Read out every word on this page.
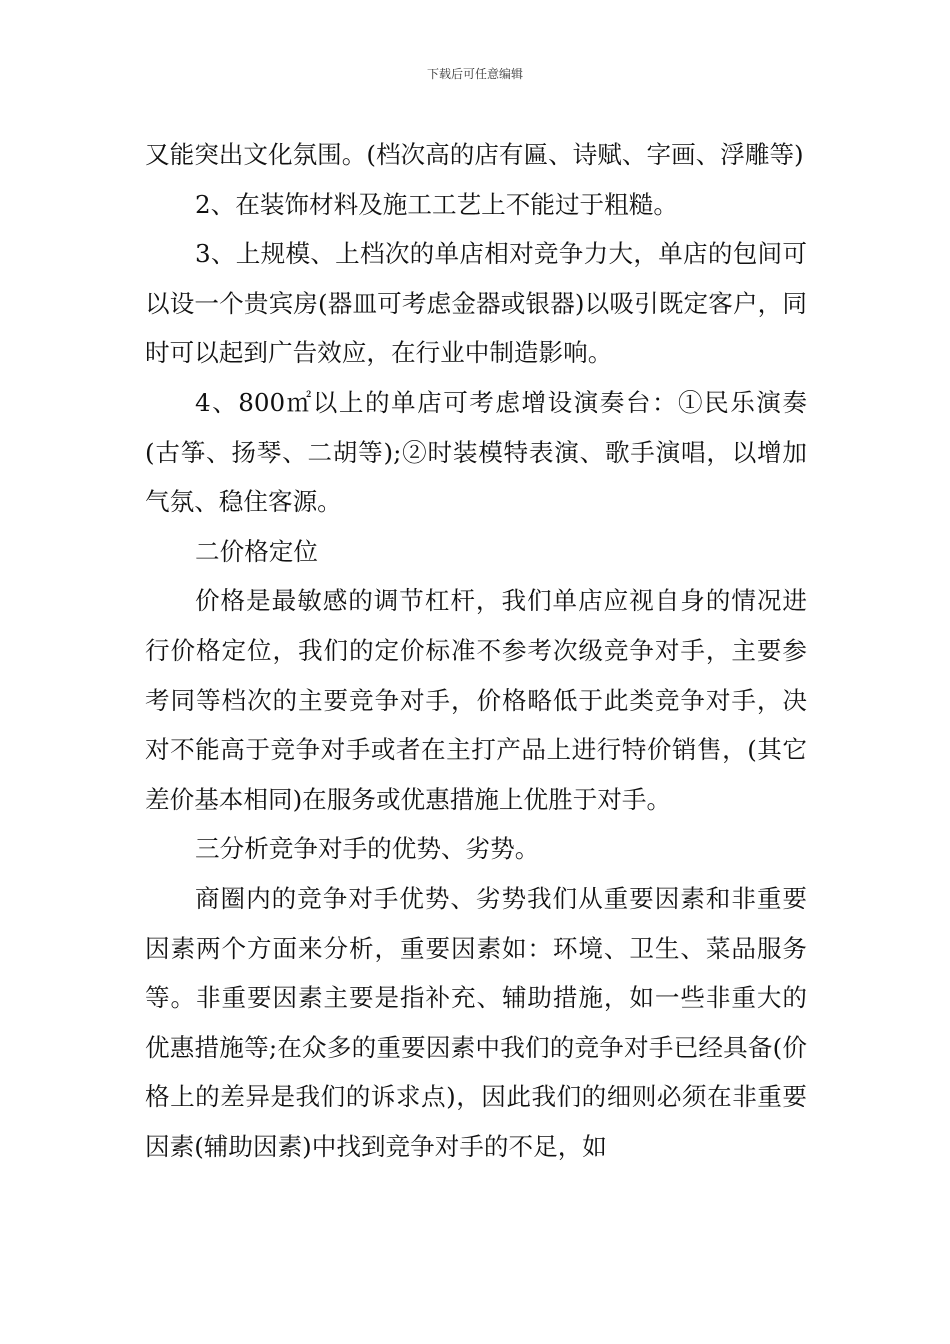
下载后可任意编辑

又能突出文化氛围。(档次高的店有匾、诗赋、字画、浮雕等)

2、在装饰材料及施工工艺上不能过于粗糙。

3、上规模、上档次的单店相对竞争力大，单店的包间可以设一个贵宾房(器皿可考虑金器或银器)以吸引既定客户，同时可以起到广告效应，在行业中制造影响。

4、800㎡以上的单店可考虑增设演奏台：①民乐演奏(古筝、扬琴、二胡等);②时装模特表演、歌手演唱，以增加气氛、稳住客源。

二价格定位

价格是最敏感的调节杠杆，我们单店应视自身的情况进行价格定位，我们的定价标准不参考次级竞争对手，主要参考同等档次的主要竞争对手，价格略低于此类竞争对手，决对不能高于竞争对手或者在主打产品上进行特价销售，(其它差价基本相同)在服务或优惠措施上优胜于对手。

三分析竞争对手的优势、劣势。

商圈内的竞争对手优势、劣势我们从重要因素和非重要因素两个方面来分析，重要因素如：环境、卫生、菜品服务等。非重要因素主要是指补充、辅助措施，如一些非重大的优惠措施等;在众多的重要因素中我们的竞争对手已经具备(价格上的差异是我们的诉求点)，因此我们的细则必须在非重要因素(辅助因素)中找到竞争对手的不足，如
